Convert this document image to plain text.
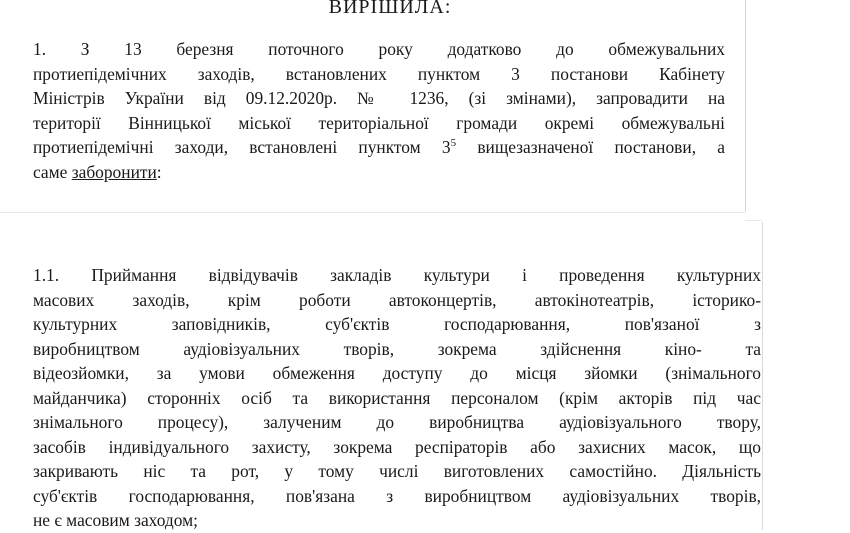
ВИРІШИЛА:
1. З 13 березня поточного року додатково до обмежувальних
протиепідемічних заходів, встановлених пунктом 3 постанови Кабінету
Міністрів України від 09.12.2020р. № 1236, (зі змінами), запровадити на
території Вінницької міської територіальної громади окремі обмежувальні
протиепідемічні заходи, встановлені пунктом $3^5$ вищезазначеної постанови, а
саме заборонити:
1.1. Приймання відвідувачів закладів культури і проведення культурних
масових заходів, крім роботи автоконцертів, автокінотеатрів, історико-
культурних заповідників, суб'єктів господарювання, пов'язаної з
виробництвом аудіовізуальних творів, зокрема здійснення кіно- та
відеозйомки, за умови обмеження доступу до місця зйомки (знімального
майданчика) сторонніх осіб та використання персоналом (крім акторів під час
знімального процесу), залученим до виробництва аудіовізуального твору,
засобів індивідуального захисту, зокрема респіраторів або захисних масок, що
закривають ніс та рот, у тому числі виготовлених самостійно. Діяльність
суб'єктів господарювання, пов'язана з виробництвом аудіовізуальних творів,
не є масовим заходом;
